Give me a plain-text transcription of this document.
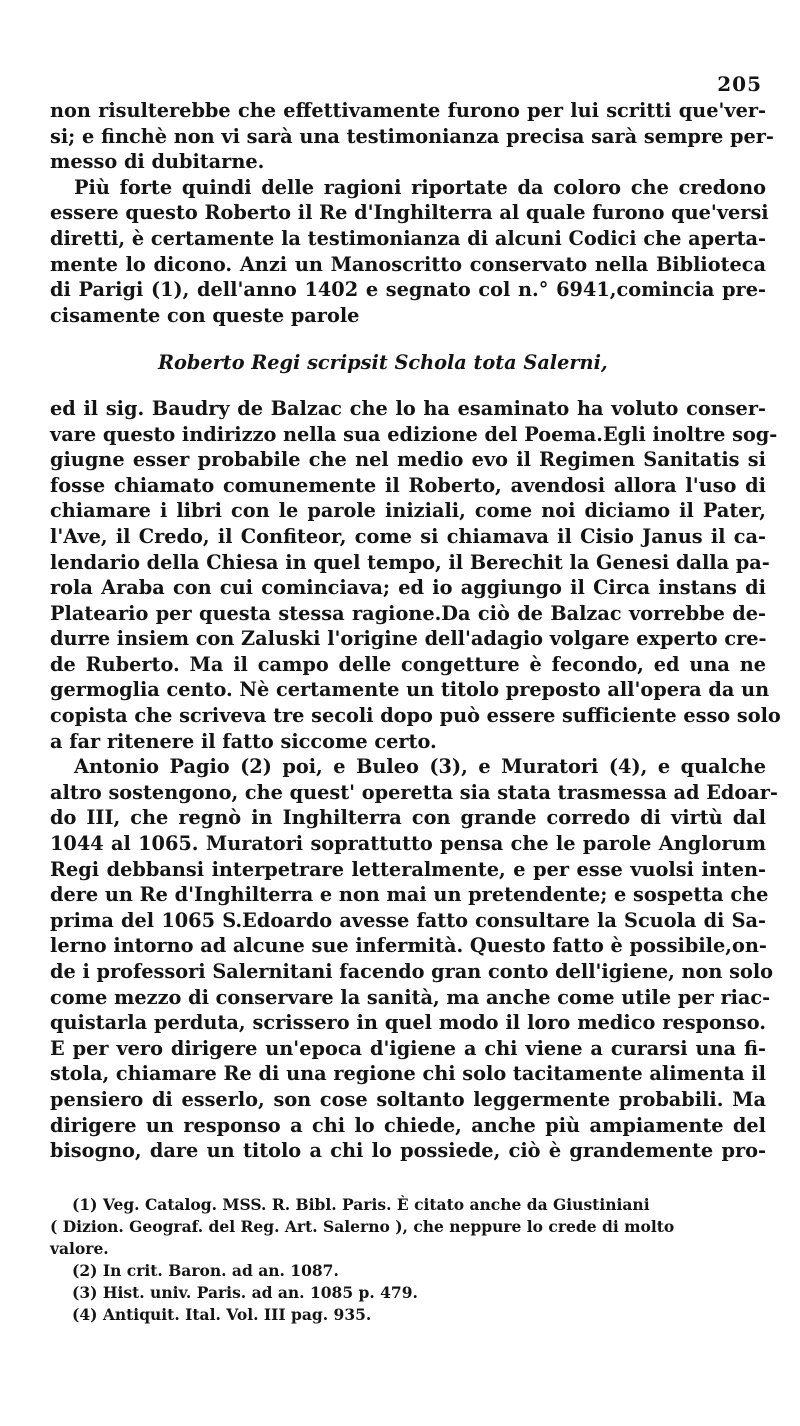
205
non risulterebbe che effettivamente furono per lui scritti que'ver-
si; e finchè non vi sarà una testimonianza precisa sarà sempre per-
messo di dubitarne.
Più forte quindi delle ragioni riportate da coloro che credono
essere questo Roberto il Re d'Inghilterra al quale furono que'versi
diretti, è certamente la testimonianza di alcuni Codici che aperta-
mente lo dicono. Anzi un Manoscritto conservato nella Biblioteca
di Parigi (1), dell'anno 1402 e segnato col n.° 6941,comincia pre-
cisamente con queste parole
Roberto Regi scripsit Schola tota Salerni,
ed il sig. Baudry de Balzac che lo ha esaminato ha voluto conser-
vare questo indirizzo nella sua edizione del Poema.Egli inoltre sog-
giugne esser probabile che nel medio evo il Regimen Sanitatis si
fosse chiamato comunemente il Roberto, avendosi allora l'uso di
chiamare i libri con le parole iniziali, come noi diciamo il Pater,
l'Ave, il Credo, il Confiteor, come si chiamava il Cisio Janus il ca-
lendario della Chiesa in quel tempo, il Berechit la Genesi dalla pa-
rola Araba con cui cominciava; ed io aggiungo il Circa instans di
Plateario per questa stessa ragione.Da ciò de Balzac vorrebbe de-
durre insiem con Zaluski l'origine dell'adagio volgare experto cre-
de Ruberto. Ma il campo delle congetture è fecondo, ed una ne
germoglia cento. Nè certamente un titolo preposto all'opera da un
copista che scriveva tre secoli dopo può essere sufficiente esso solo
a far ritenere il fatto siccome certo.
Antonio Pagio (2) poi, e Buleo (3), e Muratori (4), e qualche
altro sostengono, che quest' operetta sia stata trasmessa ad Edoar-
do III, che regnò in Inghilterra con grande corredo di virtù dal
1044 al 1065. Muratori soprattutto pensa che le parole Anglorum
Regi debbansi interpetrare letteralmente, e per esse vuolsi inten-
dere un Re d'Inghilterra e non mai un pretendente; e sospetta che
prima del 1065 S.Edoardo avesse fatto consultare la Scuola di Sa-
lerno intorno ad alcune sue infermità. Questo fatto è possibile,on-
de i professori Salernitani facendo gran conto dell'igiene, non solo
come mezzo di conservare la sanità, ma anche come utile per riac-
quistarla perduta, scrissero in quel modo il loro medico responso.
E per vero dirigere un'epoca d'igiene a chi viene a curarsi una fi-
stola, chiamare Re di una regione chi solo tacitamente alimenta il
pensiero di esserlo, son cose soltanto leggermente probabili. Ma
dirigere un responso a chi lo chiede, anche più ampiamente del
bisogno, dare un titolo a chi lo possiede, ciò è grandemente pro-
(1) Veg. Catalog. MSS. R. Bibl. Paris. È citato anche da Giustiniani
( Dizion. Geograf. del Reg. Art. Salerno ), che neppure lo crede di molto
valore.
(2) In crit. Baron. ad an. 1087.
(3) Hist. univ. Paris. ad an. 1085 p. 479.
(4) Antiquit. Ital. Vol. III pag. 935.
